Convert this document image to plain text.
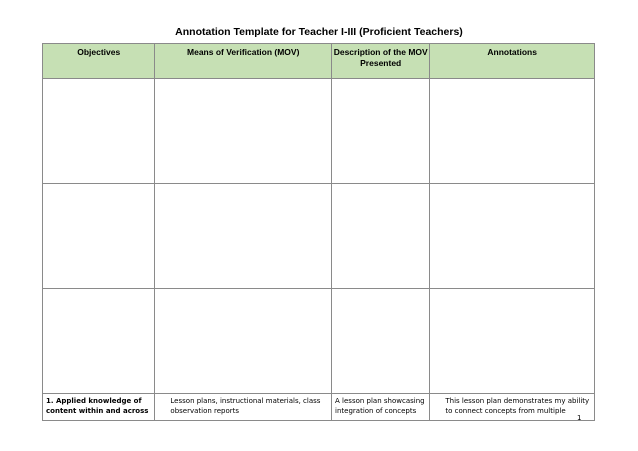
Annotation Template for Teacher I-III (Proficient Teachers)
Objectives	Means of Verification (MOV)	Description of the MOV Presented	Annotations

1. Applied knowledge of content within and across	Lesson plans, instructional materials, class observation reports	A lesson plan showcasing integration of concepts	This lesson plan demonstrates my ability to connect concepts from multiple
1
